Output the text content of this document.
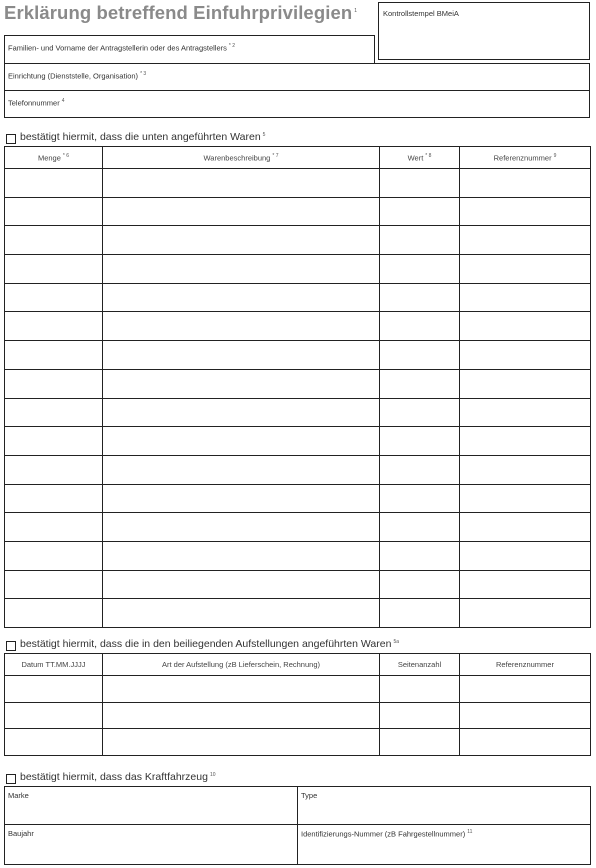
Erklärung betreffend Einfuhrprivilegien $^1$	Kontrollstempel BMeiA
Familien- und Vorname der Antragstellerin oder des Antragstellers $^{* 2}$
Einrichtung (Dienststelle, Organisation) $^{* 3}$
Telefonnummer $^4$
bestätigt hiermit, dass die unten angeführten Waren $^5$
Menge $^{* 6}$	Warenbeschreibung $^{* 7}$	Wert $^{* 8}$	Referenznummer $^9$

bestätigt hiermit, dass die in den beiliegenden Aufstellungen angeführten Waren $^{5a}$
Datum TT.MM.JJJJ	Art der Aufstellung (zB Lieferschein, Rechnung)	Seitenanzahl	Referenznummer

bestätigt hiermit, dass das Kraftfahrzeug $^{10}$
Marke	Type

Baujahr	Identifizierungs-Nummer (zB Fahrgestellnummer) $^{11}$
